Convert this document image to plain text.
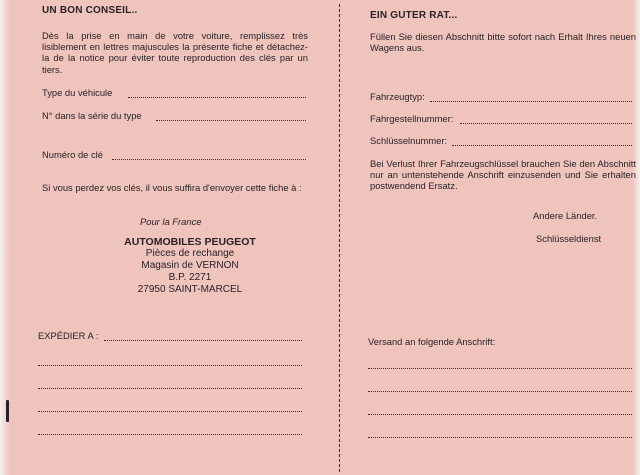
UN BON CONSEIL..
Dès la prise en main de votre voiture, remplissez très lisiblement en lettres majuscules la présente fiche et détachez-la de la notice pour éviter toute reproduction des clés par un tiers.
Type du véhicule
N° dans la série du type
Numéro de clé
Si vous perdez vos clés, il vous suffira d'envoyer cette fiche à :
Pour la France
AUTOMOBILES PEUGEOT
Pièces de rechange
Magasin de VERNON
B.P. 2271
27950 SAINT-MARCEL
EXPÉDIER A :
EIN GUTER RAT...
Füllen Sie diesen Abschnitt bitte sofort nach Erhalt Ihres neuen Wagens aus.
Fahrzeugtyp:
Fahrgestellnummer:
Schlüsselnummer:
Bei Verlust Ihrer Fahrzeugschlüssel brauchen Sie den Abschnitt nur an untenstehende Anschrift einzusenden und Sie erhalten postwendend Ersatz.
Andere Länder.
Schlüsseldienst
Versand an folgende Anschrift:
